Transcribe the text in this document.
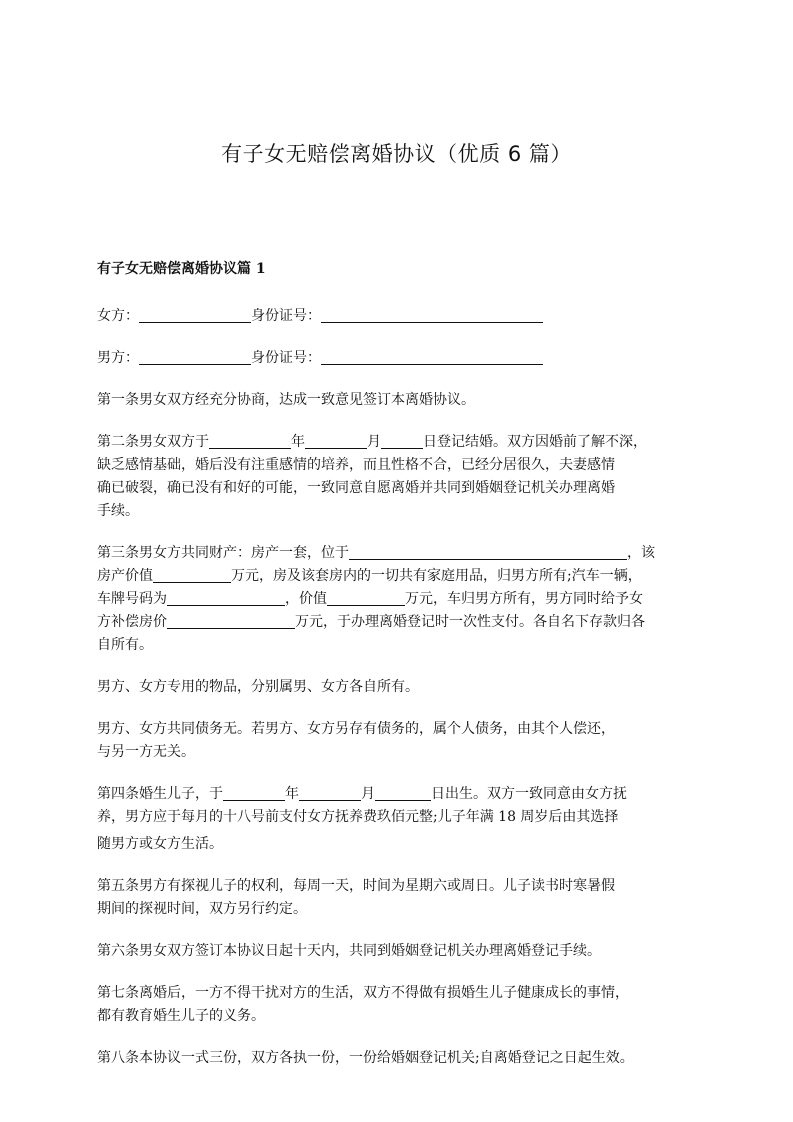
有子女无赔偿离婚协议（优质 6 篇）
有子女无赔偿离婚协议篇 1
女方：	身份证号：
男方：	身份证号：
第一条男女双方经充分协商，达成一致意见签订本离婚协议。
第二条男女双方于	年	月	日登记结婚。双方因婚前了解不深，
缺乏感情基础，婚后没有注重感情的培养，而且性格不合，已经分居很久，夫妻感情
确已破裂，确已没有和好的可能，一致同意自愿离婚并共同到婚姻登记机关办理离婚
手续。
第三条男女方共同财产：房产一套，位于	，该
房产价值	万元，房及该套房内的一切共有家庭用品，归男方所有;汽车一辆，
车牌号码为	，价值	万元，车归男方所有，男方同时给予女
方补偿房价	万元，于办理离婚登记时一次性支付。各自名下存款归各
自所有。
男方、女方专用的物品，分别属男、女方各自所有。
男方、女方共同债务无。若男方、女方另存有债务的，属个人债务，由其个人偿还，
与另一方无关。
第四条婚生儿子，于	年	月	日出生。双方一致同意由女方抚
养，男方应于每月的十八号前支付女方抚养费玖佰元整;儿子年满 18 周岁后由其选择
随男方或女方生活。
第五条男方有探视儿子的权利，每周一天，时间为星期六或周日。儿子读书时寒暑假
期间的探视时间，双方另行约定。
第六条男女双方签订本协议日起十天内，共同到婚姻登记机关办理离婚登记手续。
第七条离婚后，一方不得干扰对方的生活，双方不得做有损婚生儿子健康成长的事情，
都有教育婚生儿子的义务。
第八条本协议一式三份，双方各执一份，一份给婚姻登记机关;自离婚登记之日起生效。
